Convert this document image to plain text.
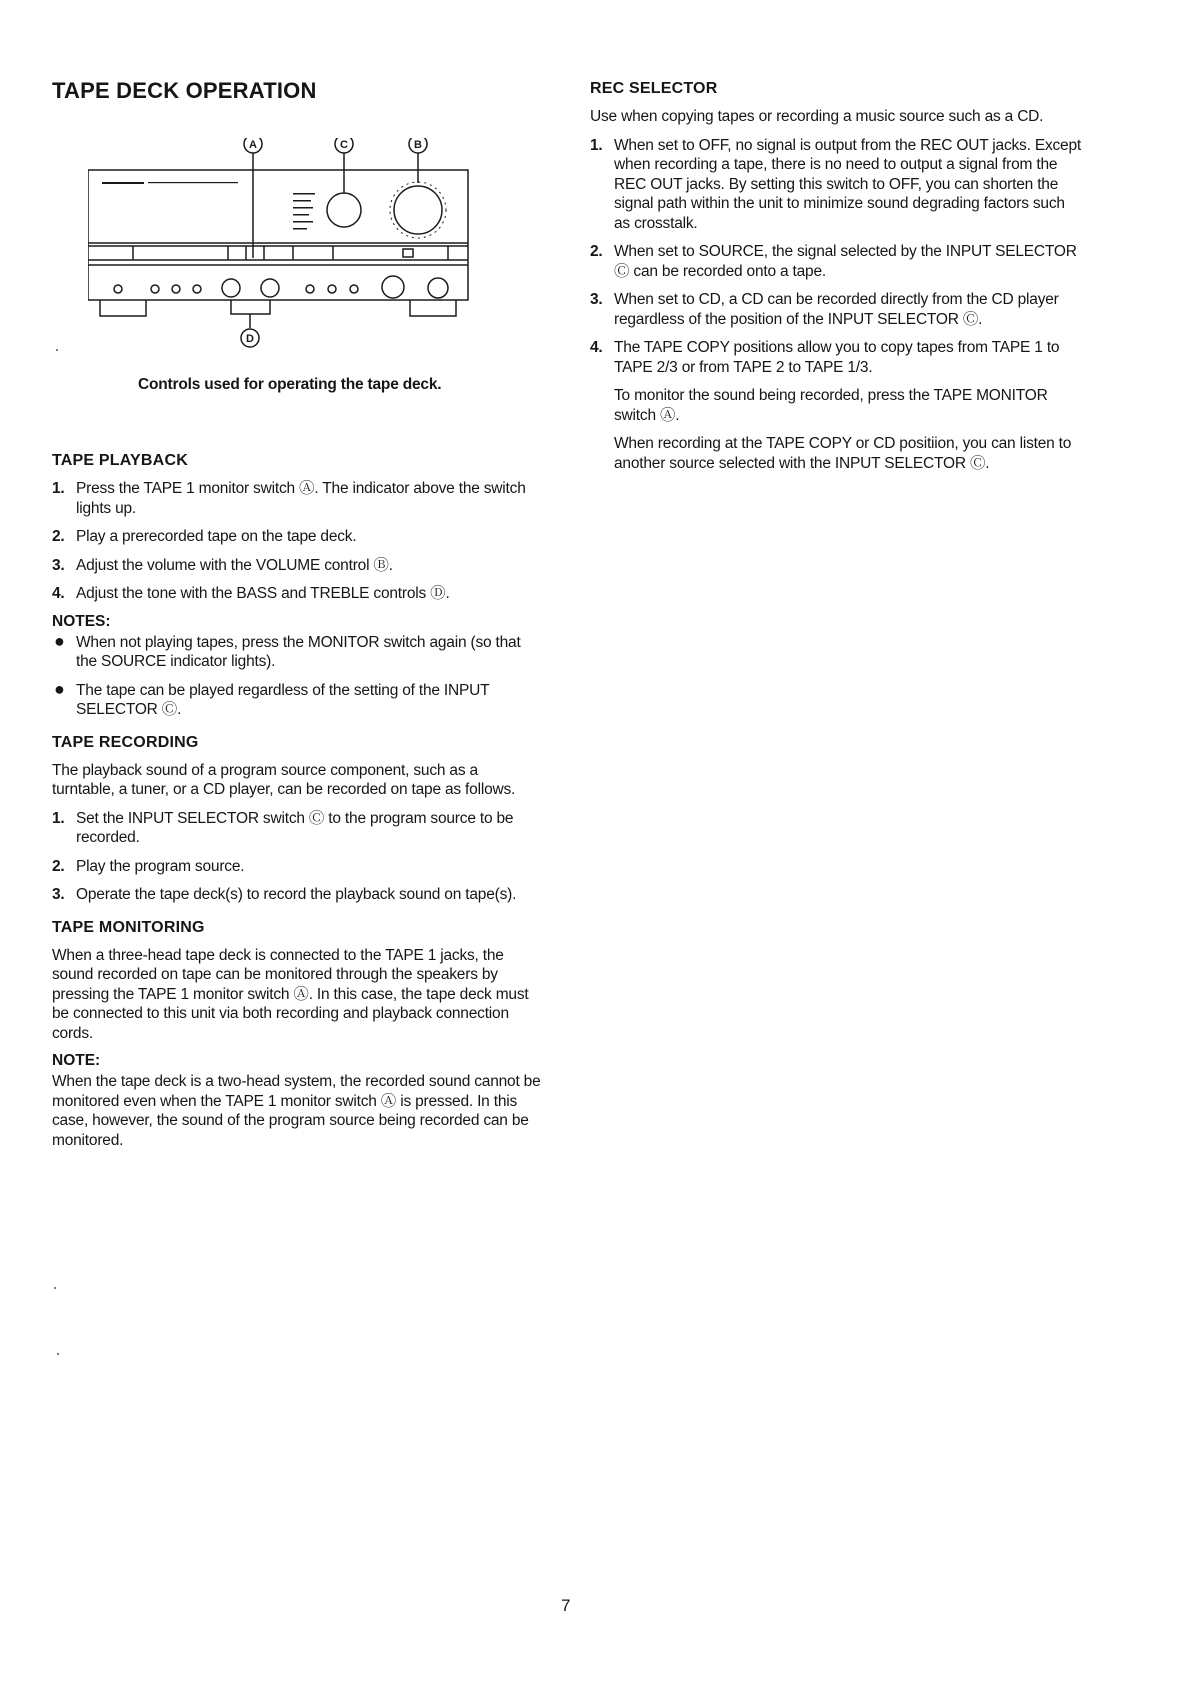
TAPE DECK OPERATION
A	C	B
D
Controls used for operating the tape deck.
TAPE PLAYBACK
1. Press the TAPE 1 monitor switch Ⓐ. The indicator above the switch lights up.
2. Play a prerecorded tape on the tape deck.
3. Adjust the volume with the VOLUME control Ⓑ.
4. Adjust the tone with the BASS and TREBLE controls Ⓓ.
NOTES:
● When not playing tapes, press the MONITOR switch again (so that the SOURCE indicator lights).
● The tape can be played regardless of the setting of the INPUT SELECTOR Ⓒ.
TAPE RECORDING

The playback sound of a program source component, such as a turntable, a tuner, or a CD player, can be recorded on tape as follows.

1. Set the INPUT SELECTOR switch Ⓒ to the program source to be recorded.
2. Play the program source.
3. Operate the tape deck(s) to record the playback sound on tape(s).
TAPE MONITORING

When a three-head tape deck is connected to the TAPE 1 jacks, the sound recorded on tape can be monitored through the speakers by pressing the TAPE 1 monitor switch Ⓐ. In this case, the tape deck must be connected to this unit via both recording and playback connection cords.

NOTE:

When the tape deck is a two-head system, the recorded sound cannot be monitored even when the TAPE 1 monitor switch Ⓐ is pressed. In this case, however, the sound of the program source being recorded can be monitored.

REC SELECTOR

Use when copying tapes or recording a music source such as a CD.

1. When set to OFF, no signal is output from the REC OUT jacks. Except when recording a tape, there is no need to output a signal from the REC OUT jacks. By setting this switch to OFF, you can shorten the signal path within the unit to minimize sound degrading factors such as crosstalk.
2. When set to SOURCE, the signal selected by the INPUT SELECTOR Ⓒ can be recorded onto a tape.
3. When set to CD, a CD can be recorded directly from the CD player regardless of the position of the INPUT SELECTOR Ⓒ.
4. The TAPE COPY positions allow you to copy tapes from TAPE 1 to TAPE 2/3 or from TAPE 2 to TAPE 1/3.

To monitor the sound being recorded, press the TAPE MONITOR switch Ⓐ.

When recording at the TAPE COPY or CD positiion, you can listen to another source selected with the INPUT SELECTOR Ⓒ.

7
